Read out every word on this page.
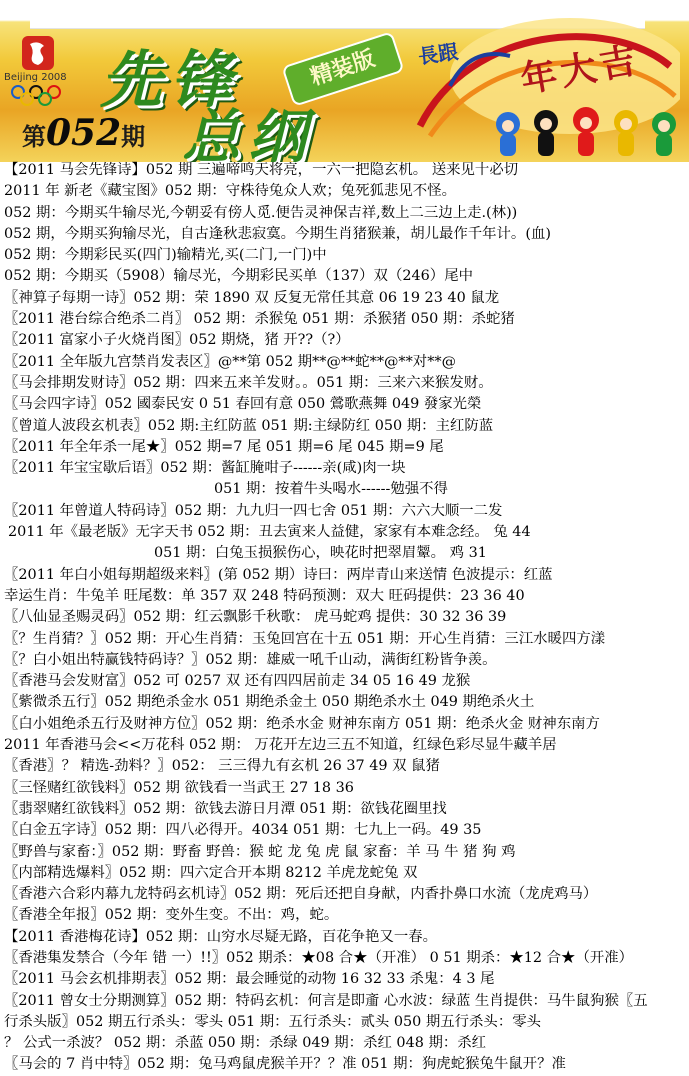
Beijing 2008 先锋	精装版
总纲
第052期
長跟 年大吉
【2011 马会先锋诗】052 期 三遍啼鸣天将亮，一六一把隐玄机。 送来见十必切
2011 年 新老《藏宝图》052 期：守株待兔众人欢；兔死狐悲见不怪。
052 期：今期买牛输尽光,今朝妥有傍人觅.便告灵神保吉祥,数上二三边上走.(林))
052 期，今期买狗输尽光，自古逢秋悲寂寞。今期生肖猪猴兼，胡儿最作千年计。(血)
052 期：今期彩民买(四门)输精光,买(二门,一门)中
052 期：今期买（5908）输尽光，今期彩民买单（137）双（246）尾中
〖神算子每期一诗〗052 期：荣 1890 双 反复无常任其意 06 19 23 40 鼠龙
〖2011 港台综合绝杀二肖〗 052 期：杀猴兔 051 期：杀猴猪 050 期：杀蛇猪
〖2011 富家小子火烧肖图〗052 期烧，猪 开??（?）
〖2011 全年版九宫禁肖发表区〗@**第 052 期**@**蛇**@**对**@
〖马会排期发财诗〗052 期：四来五来羊发财。。051 期：三来六来猴发财。
〖马会四字诗〗052 國泰民安 0 51 春回有意 050 鶯歌燕舞 049 發家光榮
〖曾道人波段玄机表〗052 期:主红防蓝 051 期:主绿防红 050 期：主红防蓝
〖2011 年全年杀一尾★〗052 期=7 尾 051 期=6 尾 045 期=9 尾
〖2011 年宝宝歇后语〗052 期：酱缸腌咁子------亲(咸)肉一块
051 期：按着牛头喝水------勉强不得
〖2011 年曾道人特码诗〗052 期：九九归一四七舍 051 期：六六大顺一二发
2011 年《最老版》无字天书 052 期：丑去寅来人益健，家家有本难念经。 兔 44
051 期：白兔玉损猴伤心，映花时把翠眉颦。 鸡 31
〖2011 年白小姐每期超级来料〗(第 052 期）诗曰：两岸青山来送情 色波提示：红蓝
幸运生肖：牛兔羊 旺尾数：单 357 双 248 特码预测：双大 旺码提供：23 36 40
〖八仙显圣赐灵码〗052 期：红云飘影千秋歌： 虎马蛇鸡 提供：30 32 36 39
〖？生肖猜？〗052 期：开心生肖猜：玉兔回宫在十五 051 期：开心生肖猜：三江水暖四方漾
〖？白小姐出特赢钱特码诗？〗052 期：雄威一吼千山动，满街红粉皆争羡。
〖香港马会发财富〗052 可 0257 双 还有四四居前走 34 05 16 49 龙猴
〖紫微杀五行〗052 期绝杀金水 051 期绝杀金土 050 期绝杀水土 049 期绝杀火土
〖白小姐绝杀五行及财神方位〗052 期：绝杀水金 财神东南方 051 期：绝杀火金 财神东南方
2011 年香港马会<<万花科 052 期： 万花开左边三五不知道，红绿色彩尽显牛藏羊居
〖香港〗？ 精选-劲料？〗052： 三三得九有玄机 26 37 49 双 鼠猪
〖三怪赌红欲钱料〗052 期 欲钱看一当武王 27 18 36
〖翡翠赌红欲钱料〗052 期：欲钱去游日月潭 051 期：欲钱花圈里找
〖白金五字诗〗052 期：四八必得开。4034 051 期：七九上一码。49 35
〖野兽与家畜：〗052 期：野畜 野兽：猴 蛇 龙 兔 虎 鼠 家畜：羊 马 牛 猪 狗 鸡
〖内部精选爆料〗052 期：四六定合开本期 8212 羊虎龙蛇兔 双
〖香港六合彩内幕九龙特码玄机诗〗052 期：死后还把自身献，内香扑鼻口水流（龙虎鸡马）
〖香港全年报〗052 期：变外生变。不出：鸡，蛇。
【2011 香港梅花诗】052 期：山穷水尽疑无路，百花争艳又一春。
〖香港集发禁合（今年 错 一）!!〗052 期杀：★08 合★（开准） 0 51 期杀：★12 合★（开准）
〖2011 马会玄机排期表〗052 期：最会睡觉的动物 16 32 33 杀鬼：4 3 尾
〖2011 曾女士分期测算〗052 期：特码玄机：何言是即齑 心水波：绿蓝 生肖提供：马牛鼠狗猴〖五
行杀头版〗052 期五行杀头：零头 051 期：五行杀头：贰头 050 期五行杀头：零头
？ 公式一杀波？ 052 期：杀蓝 050 期：杀绿 049 期：杀红 048 期：杀红
〖马会的 7 肖中特〗052 期：兔马鸡鼠虎猴羊开？？准 051 期：狗虎蛇猴兔牛鼠开？准
